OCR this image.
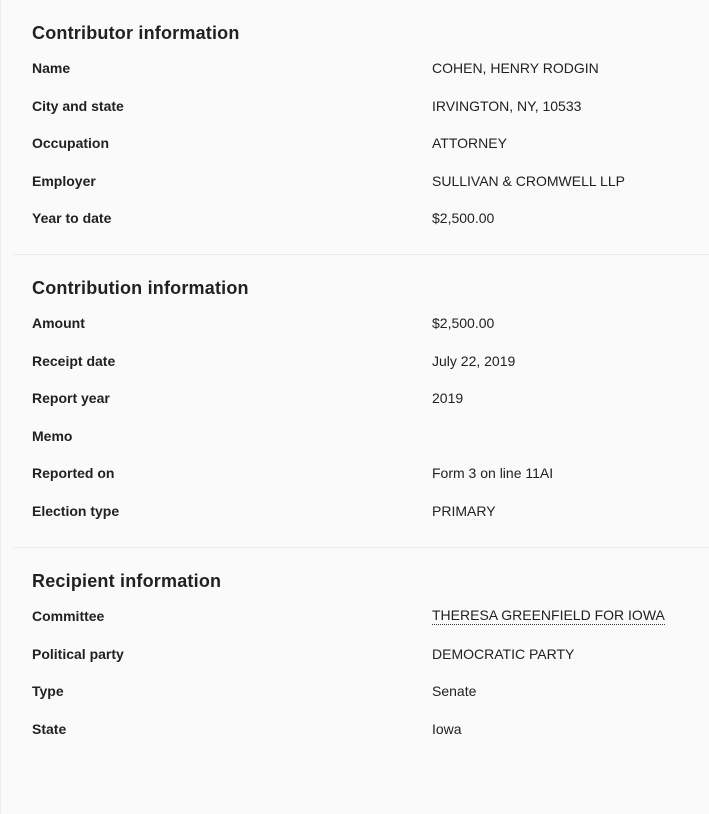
Contributor information
Name	COHEN, HENRY RODGIN
City and state	IRVINGTON, NY, 10533
Occupation	ATTORNEY
Employer	SULLIVAN & CROMWELL LLP
Year to date	$2,500.00
Contribution information
Amount	$2,500.00
Receipt date	July 22, 2019
Report year	2019
Memo
Reported on	Form 3 on line 11AI
Election type	PRIMARY
Recipient information
Committee	THERESA GREENFIELD FOR IOWA
Political party	DEMOCRATIC PARTY
Type	Senate
State	Iowa
